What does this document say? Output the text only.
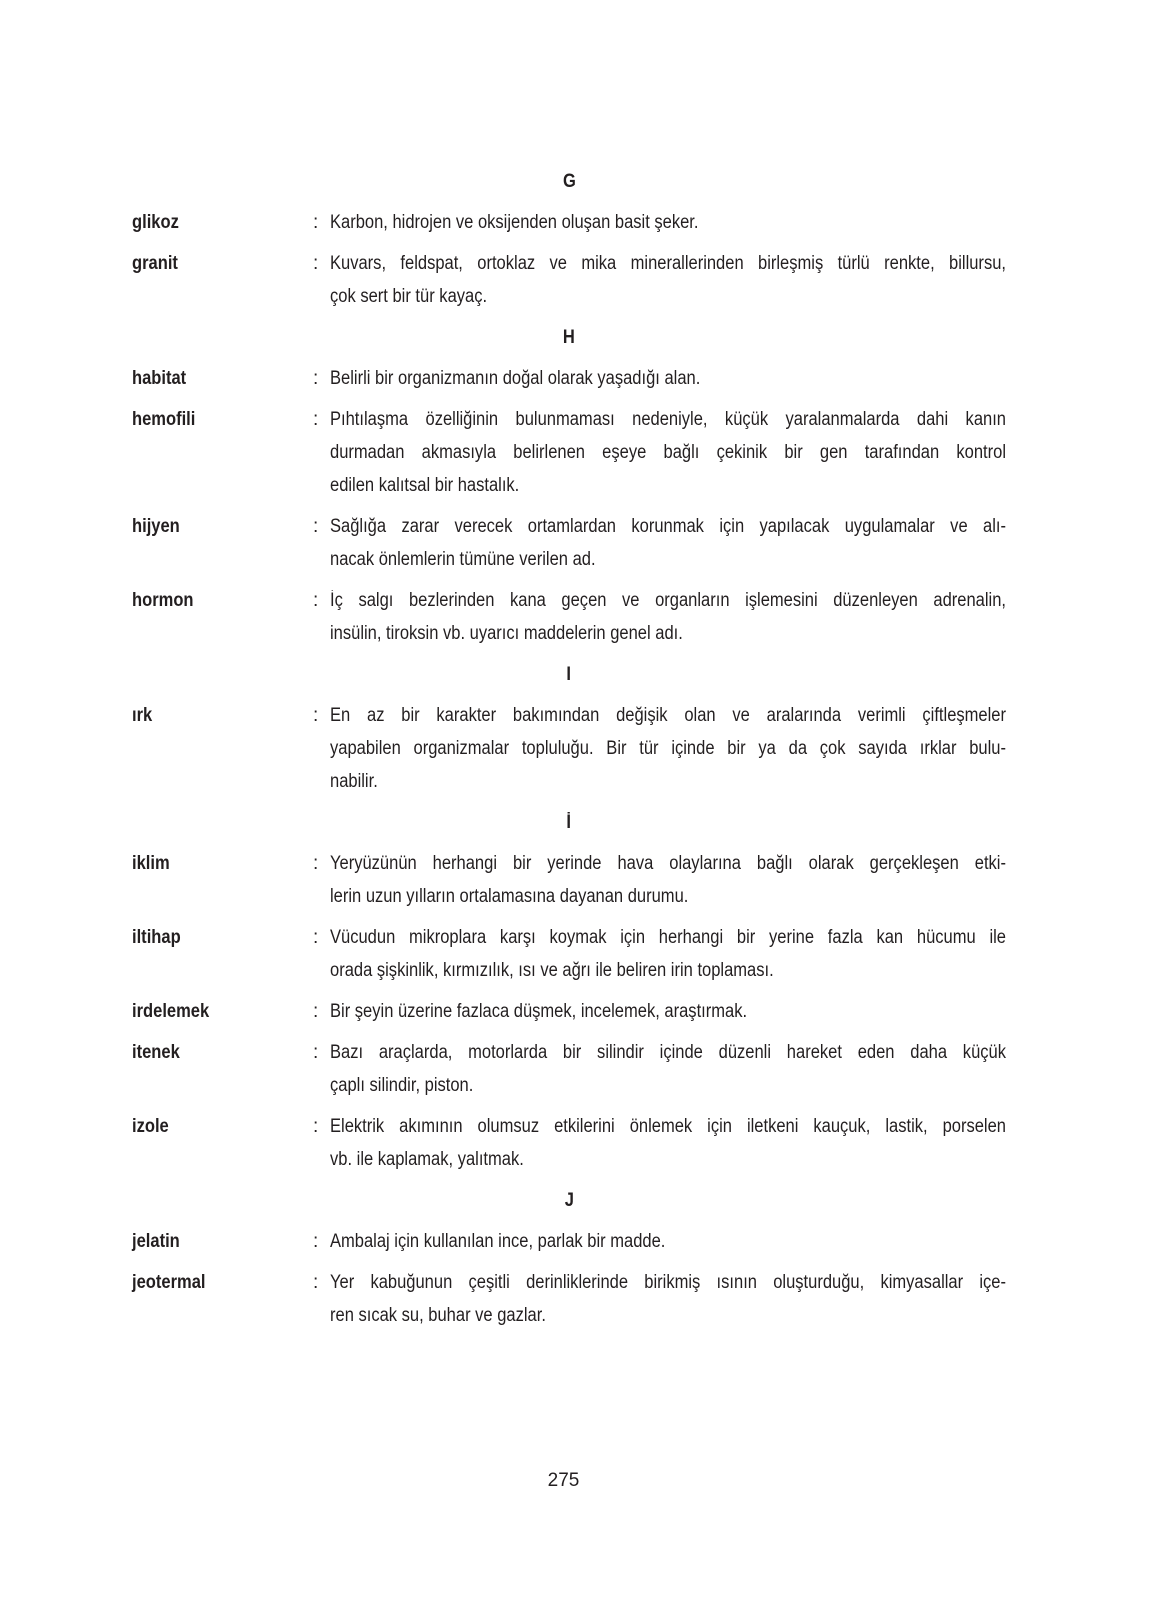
G
glikoz	: Karbon, hidrojen ve oksijenden oluşan basit şeker.
granit	: Kuvars, feldspat, ortoklaz ve mika minerallerinden birleşmiş türlü renkte, billursu,
çok sert bir tür kayaç.
H
habitat	: Belirli bir organizmanın doğal olarak yaşadığı alan.
hemofili	: Pıhtılaşma özelliğinin bulunmaması nedeniyle, küçük yaralanmalarda dahi kanın
durmadan akmasıyla belirlenen eşeye bağlı çekinik bir gen tarafından kontrol
edilen kalıtsal bir hastalık.
hijyen	: Sağlığa zarar verecek ortamlardan korunmak için yapılacak uygulamalar ve alı-
nacak önlemlerin tümüne verilen ad.
hormon	: İç salgı bezlerinden kana geçen ve organların işlemesini düzenleyen adrenalin,
insülin, tiroksin vb. uyarıcı maddelerin genel adı.
I
ırk	: En az bir karakter bakımından değişik olan ve aralarında verimli çiftleşmeler
yapabilen organizmalar topluluğu. Bir tür içinde bir ya da çok sayıda ırklar bulu-
nabilir.
İ
iklim	: Yeryüzünün herhangi bir yerinde hava olaylarına bağlı olarak gerçekleşen etki-
lerin uzun yılların ortalamasına dayanan durumu.
iltihap	: Vücudun mikroplara karşı koymak için herhangi bir yerine fazla kan hücumu ile
orada şişkinlik, kırmızılık, ısı ve ağrı ile beliren irin toplaması.
irdelemek	: Bir şeyin üzerine fazlaca düşmek, incelemek, araştırmak.
itenek	: Bazı araçlarda, motorlarda bir silindir içinde düzenli hareket eden daha küçük
çaplı silindir, piston.
izole	: Elektrik akımının olumsuz etkilerini önlemek için iletkeni kauçuk, lastik, porselen
vb. ile kaplamak, yalıtmak.
J
jelatin	: Ambalaj için kullanılan ince, parlak bir madde.
jeotermal	: Yer kabuğunun çeşitli derinliklerinde birikmiş ısının oluşturduğu, kimyasallar içe-
ren sıcak su, buhar ve gazlar.
275
